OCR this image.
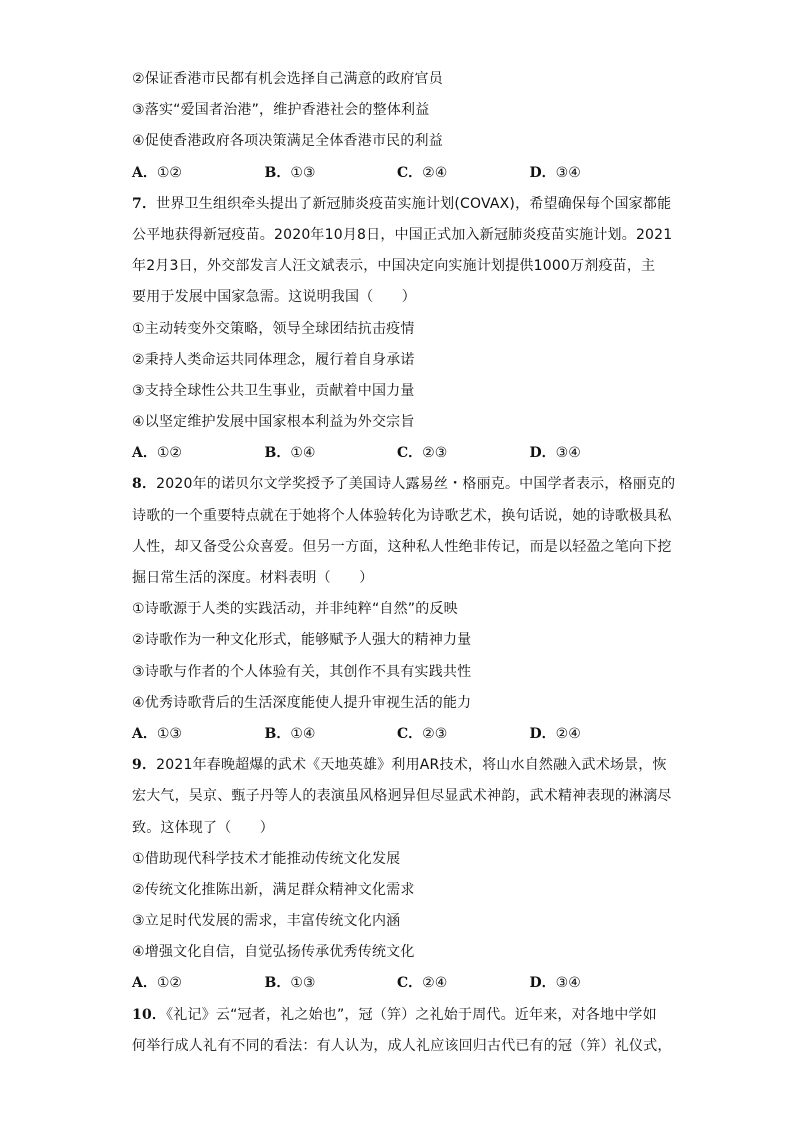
②保证香港市民都有机会选择自己满意的政府官员
③落实“爱国者治港”，维护香港社会的整体利益
④促使香港政府各项决策满足全体香港市民的利益
A．①②	B．①③	C．②④	D．③④
7．世界卫生组织牵头提出了新冠肺炎疫苗实施计划(COVAX)，希望确保每个国家都能
公平地获得新冠疫苗。2020年10月8日，中国正式加入新冠肺炎疫苗实施计划。2021
年2月3日，外交部发言人汪文斌表示，中国决定向实施计划提供1000万剂疫苗，主
要用于发展中国家急需。这说明我国（　　）
①主动转变外交策略，领导全球团结抗击疫情
②秉持人类命运共同体理念，履行着自身承诺
③支持全球性公共卫生事业，贡献着中国力量
④以坚定维护发展中国家根本利益为外交宗旨
A．①②	B．①④	C．②③	D．③④
8．2020年的诺贝尔文学奖授予了美国诗人露易丝・格丽克。中国学者表示，格丽克的
诗歌的一个重要特点就在于她将个人体验转化为诗歌艺术，换句话说，她的诗歌极具私
人性，却又备受公众喜爱。但另一方面，这种私人性绝非传记，而是以轻盈之笔向下挖
掘日常生活的深度。材料表明（　　）
①诗歌源于人类的实践活动，并非纯粹“自然”的反映
②诗歌作为一种文化形式，能够赋予人强大的精神力量
③诗歌与作者的个人体验有关，其创作不具有实践共性
④优秀诗歌背后的生活深度能使人提升审视生活的能力
A．①③	B．①④	C．②③	D．②④
9．2021年春晚超爆的武术《天地英雄》利用AR技术，将山水自然融入武术场景，恢
宏大气，吴京、甄子丹等人的表演虽风格迥异但尽显武术神韵，武术精神表现的淋漓尽
致。这体现了（　　）
①借助现代科学技术才能推动传统文化发展
②传统文化推陈出新，满足群众精神文化需求
③立足时代发展的需求，丰富传统文化内涵
④增强文化自信，自觉弘扬传承优秀传统文化
A．①②	B．①③	C．②④	D．③④
10．《礼记》云“冠者，礼之始也”，冠（笄）之礼始于周代。近年来，对各地中学如
何举行成人礼有不同的看法：有人认为，成人礼应该回归古代已有的冠（笄）礼仪式，
